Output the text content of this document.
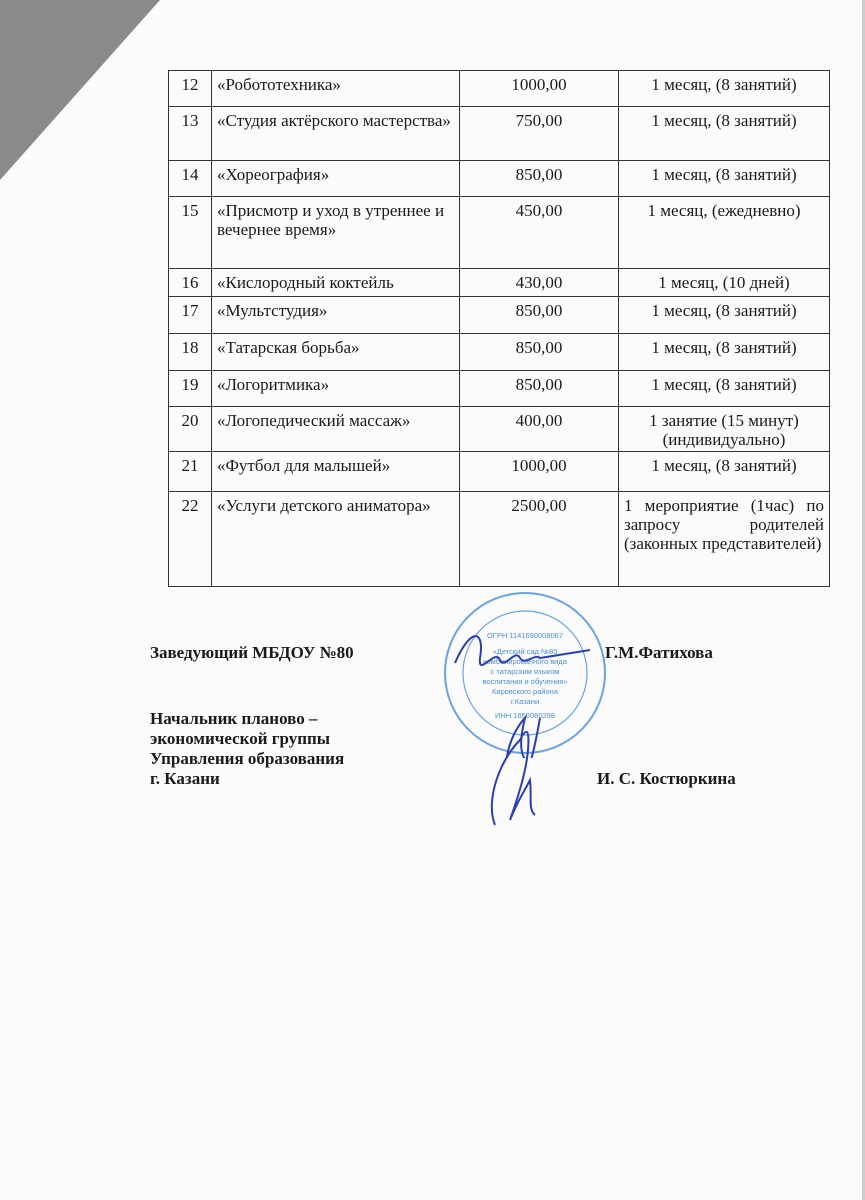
12	«Робототехника»	1000,00	1 месяц, (8 занятий)
13	«Студия актёрского мастерства»	750,00	1 месяц, (8 занятий)
14	«Хореография»	850,00	1 месяц, (8 занятий)
15	«Присмотр и уход в утреннее и вечернее время»	450,00	1 месяц, (ежедневно)
16	«Кислородный коктейль	430,00	1 месяц, (10 дней)
17	«Мультстудия»	850,00	1 месяц, (8 занятий)
18	«Татарская борьба»	850,00	1 месяц, (8 занятий)
19	«Логоритмика»	850,00	1 месяц, (8 занятий)
20	«Логопедический массаж»	400,00	1 занятие (15 минут) (индивидуально)
21	«Футбол для малышей»	1000,00	1 месяц, (8 занятий)
22	«Услуги детского аниматора»	2500,00	1 мероприятие (1час) по запросу родителей (законных представителей)
Заведующий МБДОУ №80	Г.М.Фатихова
Начальник планово –
экономической группы
Управления образования
г. Казани	И. С. Костюркина
ОГРН 1141690008067
«Детский сад №80
комбинированного вида
с татарским языком
воспитания и обучения»
Кировского района
г.Казани
ИНН 1656080298
